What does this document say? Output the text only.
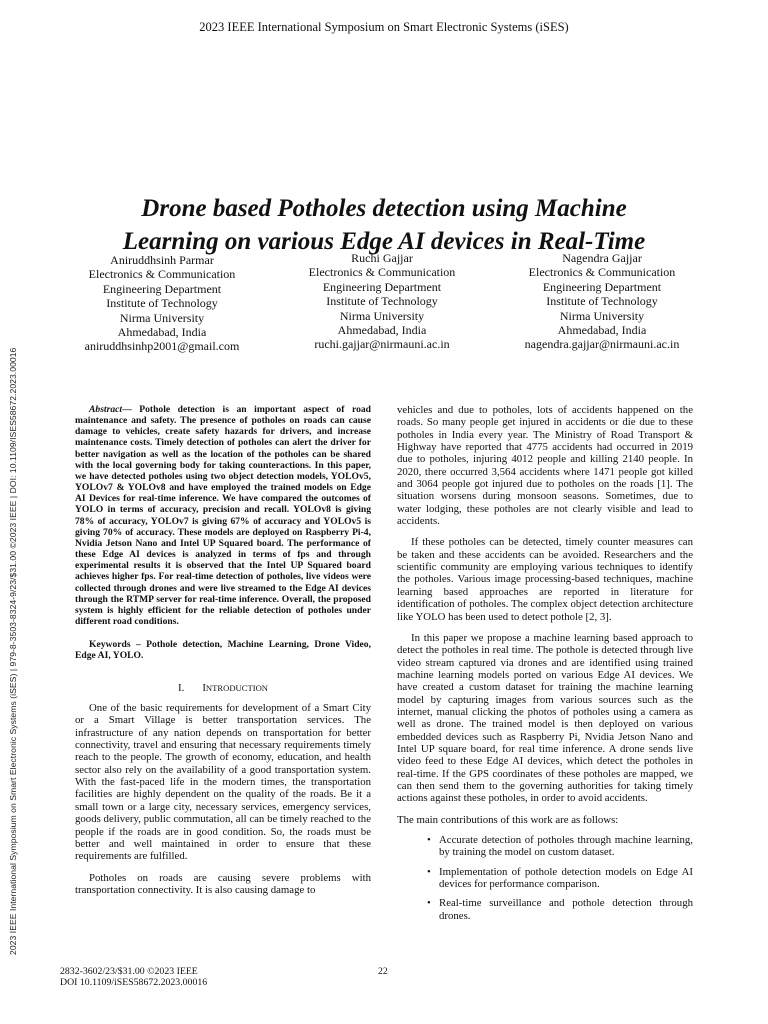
2023 IEEE International Symposium on Smart Electronic Systems (iSES)
2023 IEEE International Symposium on Smart Electronic Systems (iSES) | 979-8-3503-8324-9/23/$31.00 ©2023 IEEE | DOI: 10.1109/ISES58672.2023.00016
Drone based Potholes detection using Machine
Learning on various Edge AI devices in Real-Time
Aniruddhsinh Parmar
Electronics & Communication
Engineering Department
Institute of Technology
Nirma University
Ahmedabad, India
aniruddhsinhp2001@gmail.com
Ruchi Gajjar
Electronics & Communication
Engineering Department
Institute of Technology
Nirma University
Ahmedabad, India
ruchi.gajjar@nirmauni.ac.in
Nagendra Gajjar
Electronics & Communication
Engineering Department
Institute of Technology
Nirma University
Ahmedabad, India
nagendra.gajjar@nirmauni.ac.in

Abstract— Pothole detection is an important aspect of road maintenance and safety. The presence of potholes on roads can cause damage to vehicles, create safety hazards for drivers, and increase maintenance costs. Timely detection of potholes can alert the driver for better navigation as well as the location of the potholes can be shared with the local governing body for taking counteractions. In this paper, we have detected potholes using two object detection models, YOLOv5, YOLOv7 & YOLOv8 and have employed the trained models on Edge AI Devices for real-time inference. We have compared the outcomes of YOLO in terms of accuracy, precision and recall. YOLOv8 is giving 78% of accuracy, YOLOv7 is giving 67% of accuracy and YOLOv5 is giving 70% of accuracy. These models are deployed on Raspberry Pi-4, Nvidia Jetson Nano and Intel UP Squared board. The performance of these Edge AI devices is analyzed in terms of fps and through experimental results it is observed that the Intel UP Squared board achieves higher fps. For real-time detection of potholes, live videos were collected through drones and were live streamed to the Edge AI devices through the RTMP server for real-time inference. Overall, the proposed system is highly efficient for the reliable detection of potholes under different road conditions.

Keywords – Pothole detection, Machine Learning, Drone Video, Edge AI, YOLO.

I. INTRODUCTION

One of the basic requirements for development of a Smart City or a Smart Village is better transportation services. The infrastructure of any nation depends on transportation for better connectivity, travel and ensuring that necessary requirements timely reach to the people. The growth of economy, education, and health sector also rely on the availability of a good transportation system. With the fast-paced life in the modern times, the transportation facilities are highly dependent on the quality of the roads. Be it a small town or a large city, necessary services, emergency services, goods delivery, public commutation, all can be timely reached to the people if the roads are in good condition. So, the roads must be better and well maintained in order to ensure that these requirements are fulfilled.

Potholes on roads are causing severe problems with transportation connectivity. It is also causing damage to

vehicles and due to potholes, lots of accidents happened on the roads. So many people get injured in accidents or die due to these potholes in India every year. The Ministry of Road Transport & Highway have reported that 4775 accidents had occurred in 2019 due to potholes, injuring 4012 people and killing 2140 people. In 2020, there occurred 3,564 accidents where 1471 people got killed and 3064 people got injured due to potholes on the roads [1]. The situation worsens during monsoon seasons. Sometimes, due to water lodging, these potholes are not clearly visible and lead to accidents.

If these potholes can be detected, timely counter measures can be taken and these accidents can be avoided. Researchers and the scientific community are employing various techniques to identify the potholes. Various image processing-based techniques, machine learning based approaches are reported in literature for identification of potholes. The complex object detection architecture like YOLO has been used to detect pothole [2, 3].

In this paper we propose a machine learning based approach to detect the potholes in real time. The pothole is detected through live video stream captured via drones and are identified using trained machine learning models ported on various Edge AI devices. We have created a custom dataset for training the machine learning model by capturing images from various sources such as the internet, manual clicking the photos of potholes using a camera as well as drone. The trained model is then deployed on various embedded devices such as Raspberry Pi, Nvidia Jetson Nano and Intel UP square board, for real time inference. A drone sends live video feed to these Edge AI devices, which detect the potholes in real-time. If the GPS coordinates of these potholes are mapped, we can then send them to the governing authorities for taking timely actions against these potholes, in order to avoid accidents.

The main contributions of this work are as follows:

• Accurate detection of potholes through machine learning, by training the model on custom dataset.
• Implementation of pothole detection models on Edge AI devices for performance comparison.
• Real-time surveillance and pothole detection through drones.
2832-3602/23/$31.00 ©2023 IEEE
DOI 10.1109/iSES58672.2023.00016
22
